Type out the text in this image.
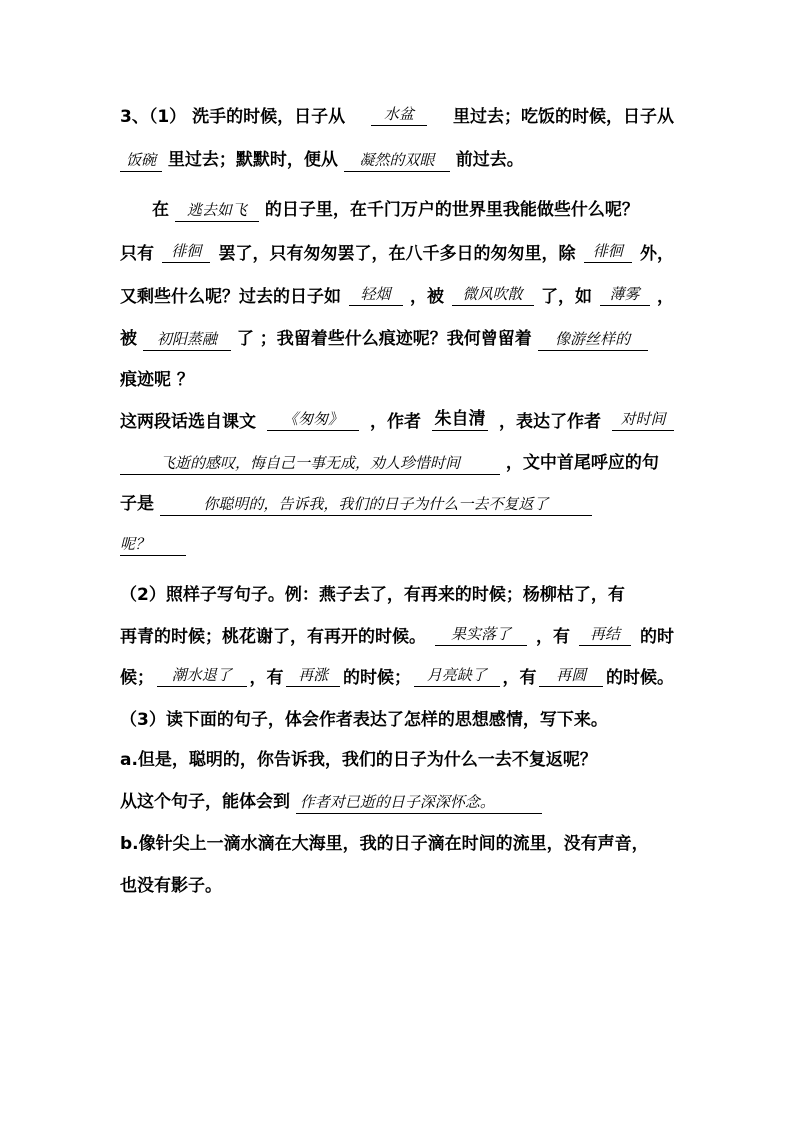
3、（1） 洗手的时候，日子从	水盆	里过去；吃饭的时候，日子从
饭碗 里过去；默默时，便从 凝然的双眼 前过去。
在 逃去如飞 的日子里，在千门万户的世界里我能做些什么呢？
只有	徘徊	罢了，只有匆匆罢了，在八千多日的匆匆里，除	徘徊	外，
又剩些什么呢？过去的日子如	轻烟	，被	微风吹散	了，如	薄雾	，
被 初阳蒸融 了 ；我留着些什么痕迹呢？我何曾留着 像游丝样的
痕迹呢 ？
这两段话选自课文	《匆匆》	，作者 朱自清 ，表达了作者	对时间
飞逝的感叹，悔自己一事无成，劝人珍惜时间	，文中首尾呼应的句
子是	你聪明的，告诉我，我们的日子为什么一去不复返了
呢？
（2）照样子写句子。例：燕子去了，有再来的时候；杨柳枯了，有
再青的时候；桃花谢了，有再开的时候。	果实落了	，有	再结	的时
候；	潮水退了	，有 再涨 的时候；	月亮缺了 ，有	再圆	的时候。
（3）读下面的句子，体会作者表达了怎样的思想感情，写下来。
a.但是，聪明的，你告诉我，我们的日子为什么一去不复返呢？
从这个句子，能体会到 作者对已逝的日子深深怀念。
b.像针尖上一滴水滴在大海里，我的日子滴在时间的流里，没有声音，
也没有影子。
